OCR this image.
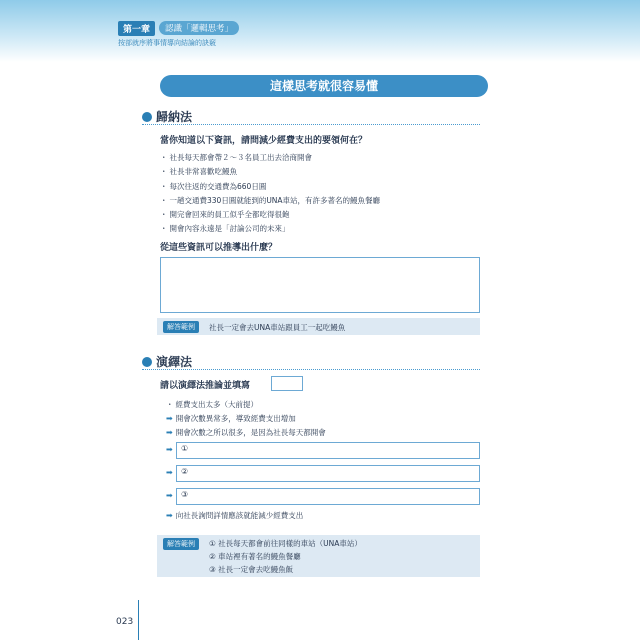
第一章	認識「邏輯思考」
按部就序將事情導向結論的訣竅
這樣思考就很容易懂
歸納法
當你知道以下資訊，請問減少經費支出的要領何在？
・ 社長每天都會帶２～３名員工出去洽商開會
・ 社長非常喜歡吃鰻魚
・ 每次往返的交通費為660日圓
・ 一趟交通費330日圓就能到的UNA車站，有許多著名的鰻魚餐廳
・ 開完會回來的員工似乎全都吃得很飽
・ 開會內容永遠是「討論公司的未來」
從這些資訊可以推導出什麼？
解答範例	社長一定會去UNA車站跟員工一起吃鰻魚
演繹法
請以演繹法推論並填寫
・ 經費支出太多（大前提）
➡ 開會次數異常多，導致經費支出增加
➡ 開會次數之所以很多，是因為社長每天都開會
➡ ①
➡ ②
➡ ③
➡ 向社長詢問詳情應該就能減少經費支出
解答範例	① 社長每天都會前往同樣的車站（UNA車站）
② 車站裡有著名的鰻魚餐廳
③ 社長一定會去吃鰻魚飯
023
